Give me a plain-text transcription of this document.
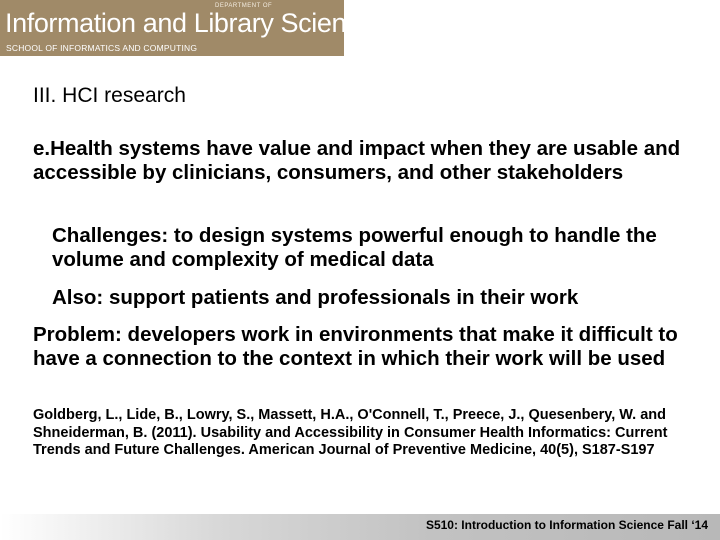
DEPARTMENT OF
Information and Library Science
SCHOOL OF INFORMATICS AND COMPUTING
III. HCI research
e.Health systems have value and impact when they are usable and accessible by clinicians, consumers, and other stakeholders
Challenges: to design systems powerful enough to handle the volume and complexity of medical data
Also: support patients and professionals in their work
Problem: developers work in environments that make it difficult to have a connection to the context in which their work will be used
Goldberg, L., Lide, B., Lowry, S., Massett, H.A., O'Connell, T., Preece, J., Quesenbery, W. and Shneiderman, B. (2011). Usability and Accessibility in Consumer Health Informatics: Current Trends and Future Challenges. American Journal of Preventive Medicine, 40(5), S187-S197
S510: Introduction to Information Science Fall ‘14
